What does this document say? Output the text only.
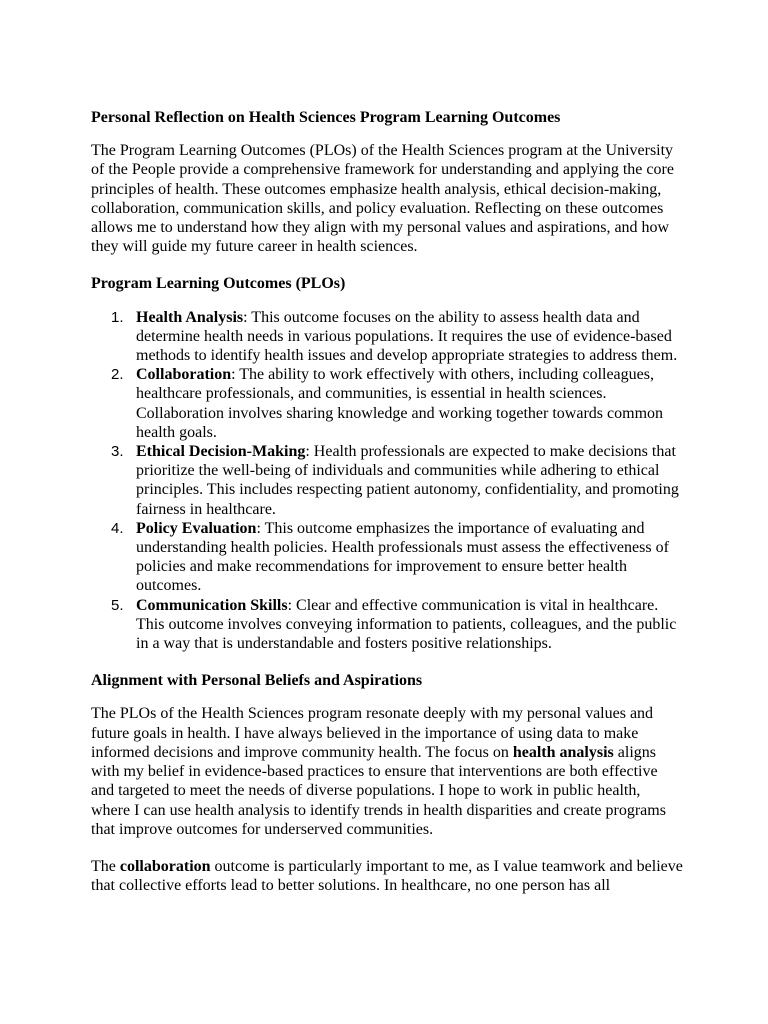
Personal Reflection on Health Sciences Program Learning Outcomes

The Program Learning Outcomes (PLOs) of the Health Sciences program at the University of the People provide a comprehensive framework for understanding and applying the core principles of health. These outcomes emphasize health analysis, ethical decision-making, collaboration, communication skills, and policy evaluation. Reflecting on these outcomes allows me to understand how they align with my personal values and aspirations, and how they will guide my future career in health sciences.

Program Learning Outcomes (PLOs)
1. Health Analysis: This outcome focuses on the ability to assess health data and determine health needs in various populations. It requires the use of evidence-based methods to identify health issues and develop appropriate strategies to address them.
2. Collaboration: The ability to work effectively with others, including colleagues, healthcare professionals, and communities, is essential in health sciences. Collaboration involves sharing knowledge and working together towards common health goals.
3. Ethical Decision-Making: Health professionals are expected to make decisions that prioritize the well-being of individuals and communities while adhering to ethical principles. This includes respecting patient autonomy, confidentiality, and promoting fairness in healthcare.
4. Policy Evaluation: This outcome emphasizes the importance of evaluating and understanding health policies. Health professionals must assess the effectiveness of policies and make recommendations for improvement to ensure better health outcomes.
5. Communication Skills: Clear and effective communication is vital in healthcare. This outcome involves conveying information to patients, colleagues, and the public in a way that is understandable and fosters positive relationships.
Alignment with Personal Beliefs and Aspirations

The PLOs of the Health Sciences program resonate deeply with my personal values and future goals in health. I have always believed in the importance of using data to make informed decisions and improve community health. The focus on health analysis aligns with my belief in evidence-based practices to ensure that interventions are both effective and targeted to meet the needs of diverse populations. I hope to work in public health, where I can use health analysis to identify trends in health disparities and create programs that improve outcomes for underserved communities.

The collaboration outcome is particularly important to me, as I value teamwork and believe that collective efforts lead to better solutions. In healthcare, no one person has all
